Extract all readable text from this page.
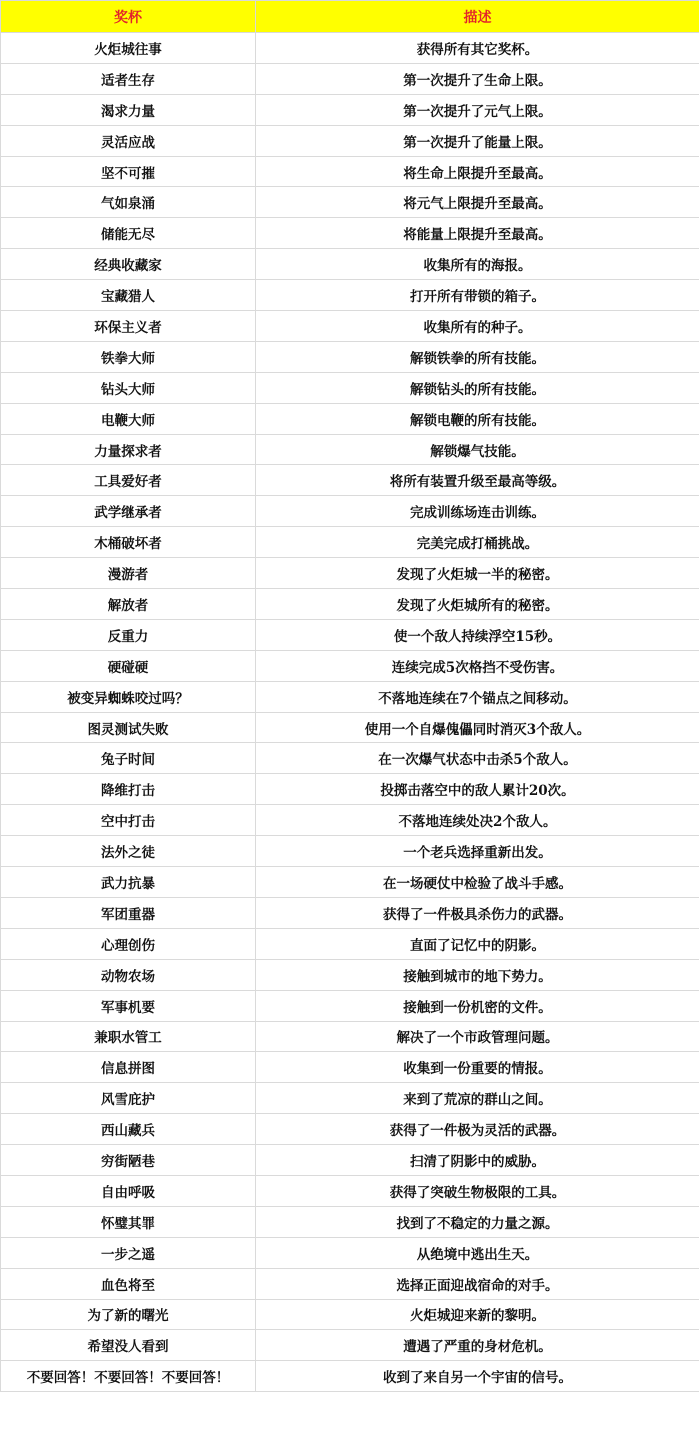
奖杯	描述
火炬城往事	获得所有其它奖杯。
适者生存	第一次提升了生命上限。
渴求力量	第一次提升了元气上限。
灵活应战	第一次提升了能量上限。
坚不可摧	将生命上限提升至最高。
气如泉涌	将元气上限提升至最高。
储能无尽	将能量上限提升至最高。
经典收藏家	收集所有的海报。
宝藏猎人	打开所有带锁的箱子。
环保主义者	收集所有的种子。
铁拳大师	解锁铁拳的所有技能。
钻头大师	解锁钻头的所有技能。
电鞭大师	解锁电鞭的所有技能。
力量探求者	解锁爆气技能。
工具爱好者	将所有装置升级至最高等级。
武学继承者	完成训练场连击训练。
木桶破坏者	完美完成打桶挑战。
漫游者	发现了火炬城一半的秘密。
解放者	发现了火炬城所有的秘密。
反重力	使一个敌人持续浮空15秒。
硬碰硬	连续完成5次格挡不受伤害。
被变异蜘蛛咬过吗？	不落地连续在7个锚点之间移动。
图灵测试失败	使用一个自爆傀儡同时消灭3个敌人。
兔子时间	在一次爆气状态中击杀5个敌人。
降维打击	投掷击落空中的敌人累计20次。
空中打击	不落地连续处决2个敌人。
法外之徒	一个老兵选择重新出发。
武力抗暴	在一场硬仗中检验了战斗手感。
军团重器	获得了一件极具杀伤力的武器。
心理创伤	直面了记忆中的阴影。
动物农场	接触到城市的地下势力。
军事机要	接触到一份机密的文件。
兼职水管工	解决了一个市政管理问题。
信息拼图	收集到一份重要的情报。
风雪庇护	来到了荒凉的群山之间。
西山藏兵	获得了一件极为灵活的武器。
穷街陋巷	扫清了阴影中的威胁。
自由呼吸	获得了突破生物极限的工具。
怀璧其罪	找到了不稳定的力量之源。
一步之遥	从绝境中逃出生天。
血色将至	选择正面迎战宿命的对手。
为了新的曙光	火炬城迎来新的黎明。
希望没人看到	遭遇了严重的身材危机。
不要回答！不要回答！不要回答！	收到了来自另一个宇宙的信号。
